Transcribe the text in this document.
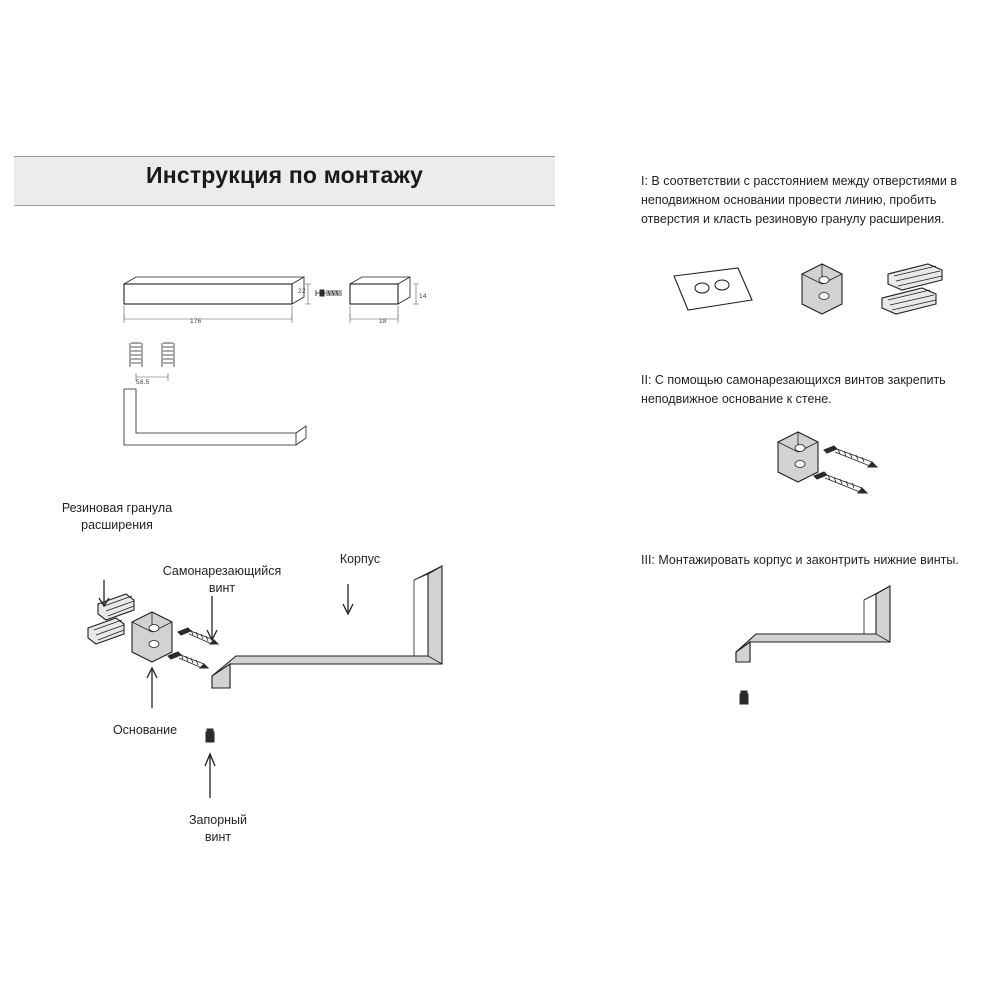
Инструкция по монтажу
176	18
22
14
58.5
Резиновая гранула
расширения
Самонарезающийся
винт
Корпус
Основание
Запорный
винт
I: В соответствии с расстоянием между отверстиями в неподвижном основании провести линию, пробить отверстия и класть резиновую гранулу расширения.
II: С помощью самонарезающихся винтов закрепить неподвижное основание к стене.
III: Монтажировать корпус и законтрить нижние винты.
